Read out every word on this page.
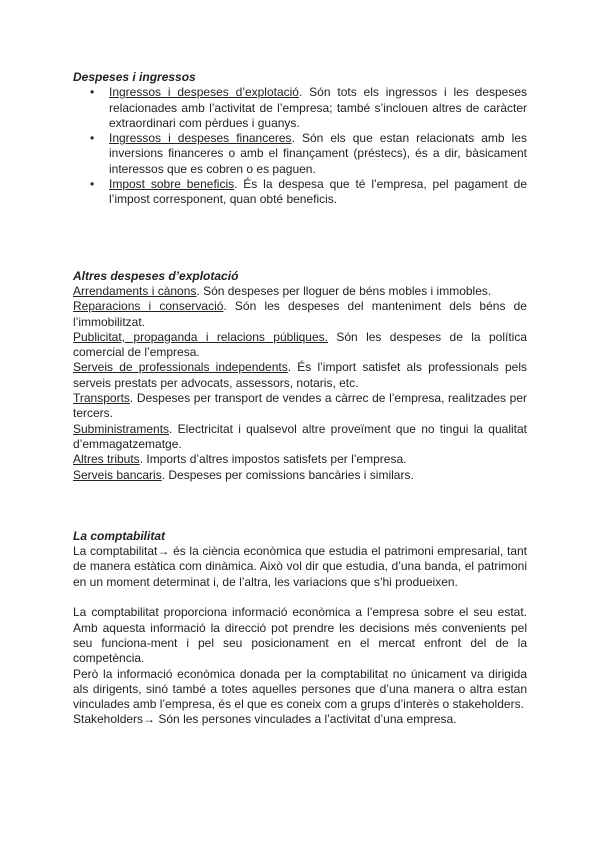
Despeses i ingressos
• Ingressos i despeses d’explotació. Són tots els ingressos i les despeses relacionades amb l’activitat de l’empresa; també s’inclouen altres de caràcter extraordinari com pèrdues i guanys.
• Ingressos i despeses financeres. Són els que estan relacionats amb les inversions financeres o amb el finançament (préstecs), és a dir, bàsicament interessos que es cobren o es paguen.
• Impost sobre beneficis. És la despesa que té l’empresa, pel pagament de l’impost corresponent, quan obté beneficis.
Altres despeses d’explotació

Arrendaments i cànons. Són despeses per lloguer de béns mobles i immobles.

Reparacions i conservació. Són les despeses del manteniment dels béns de l’immobilitzat.

Publicitat, propaganda i relacions públiques. Són les despeses de la política comercial de l’empresa.

Serveis de professionals independents. És l’import satisfet als professionals pels serveis prestats per advocats, assessors, notaris, etc.

Transports. Despeses per transport de vendes a càrrec de l’empresa, realitzades per tercers.

Subministraments. Electricitat i qualsevol altre proveïment que no tingui la qualitat d’emmagatzematge.

Altres tributs. Imports d’altres impostos satisfets per l’empresa.

Serveis bancaris. Despeses per comissions bancàries i similars.

La comptabilitat

La comptabilitat→ és la ciència econòmica que estudia el patrimoni empresarial, tant de manera estàtica com dinàmica. Això vol dir que estudia, d’una banda, el patrimoni en un moment determinat i, de l’altra, les variacions que s’hi produeixen.

La comptabilitat proporciona informació econòmica a l’empresa sobre el seu estat. Amb aquesta informació la direcció pot prendre les decisions més convenients pel seu funciona-ment i pel seu posicionament en el mercat enfront del de la competència.

Però la informació econòmica donada per la comptabilitat no únicament va dirigida als dirigents, sinó també a totes aquelles persones que d’una manera o altra estan vinculades amb l’empresa, és el que es coneix com a grups d’interès o stakeholders.

Stakeholders→ Són les persones vinculades a l’activitat d’una empresa.
